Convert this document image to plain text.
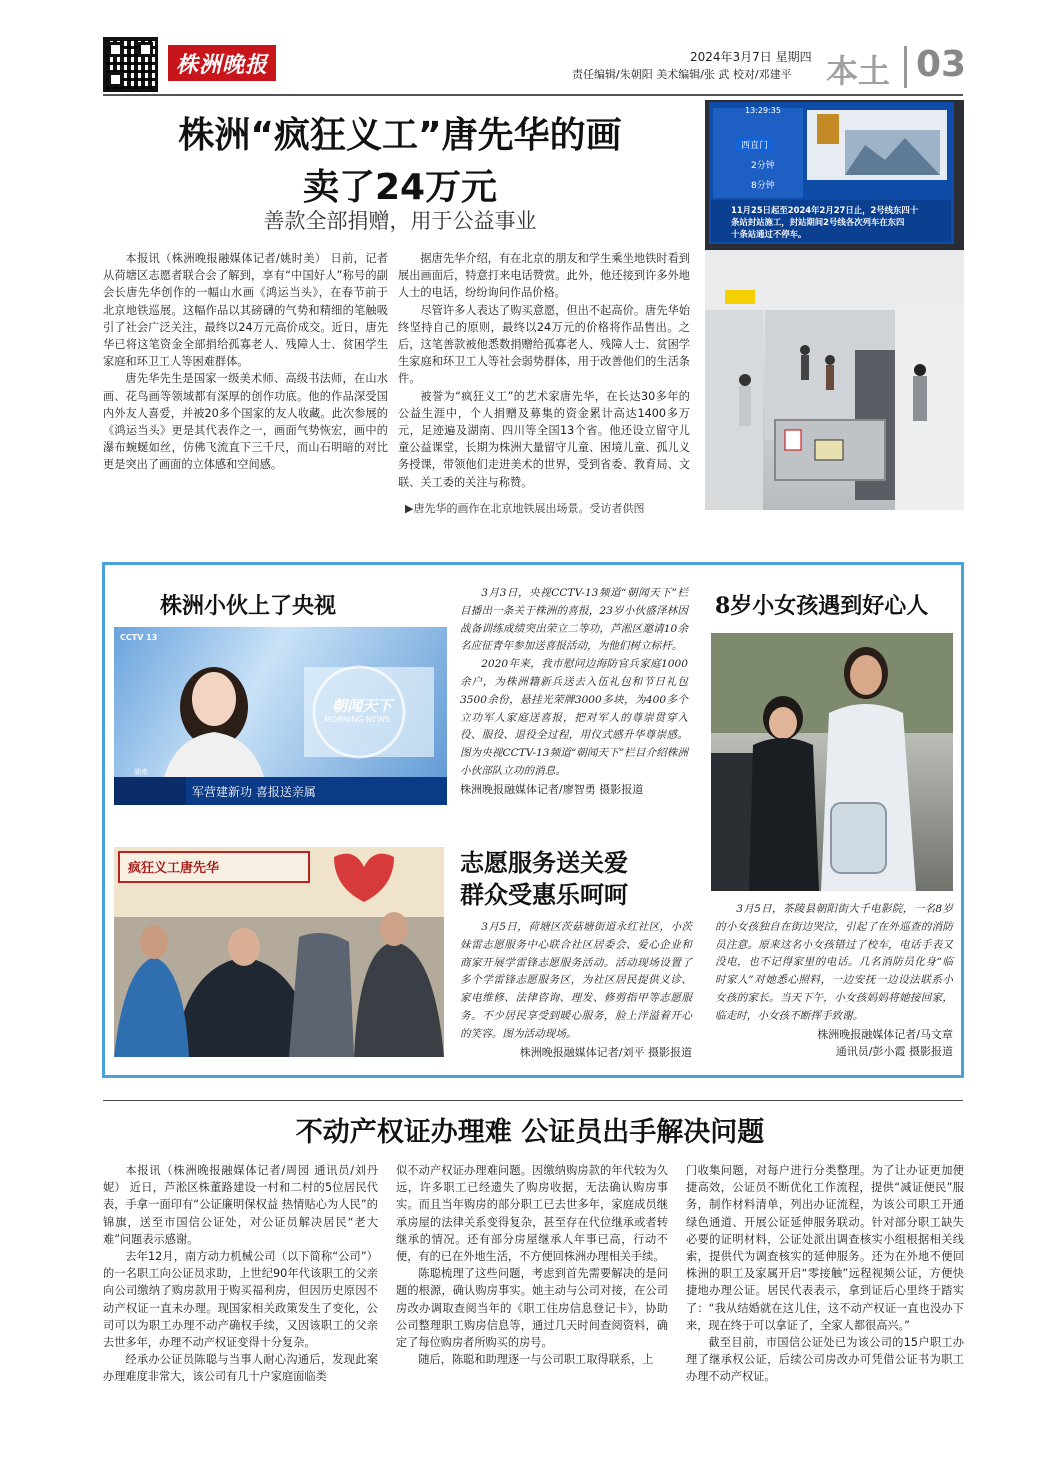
株洲晚报	2024年3月7日 星期四
责任编辑/朱朝阳 美术编辑/张 武 校对/邓建平 本土 03
株洲“疯狂义工”唐先华的画
卖了24万元
善款全部捐赠，用于公益事业

本报讯（株洲晚报融媒体记者/姚时美） 日前，记者从荷塘区志愿者联合会了解到，享有“中国好人”称号的副会长唐先华创作的一幅山水画《鸿运当头》，在春节前于北京地铁巡展。这幅作品以其磅礴的气势和精细的笔触吸引了社会广泛关注，最终以24万元高价成交。近日，唐先华已将这笔资金全部捐给孤寡老人、残障人士、贫困学生家庭和环卫工人等困难群体。

唐先华先生是国家一级美术师、高级书法师，在山水画、花鸟画等领域都有深厚的创作功底。他的作品深受国内外友人喜爱，并被20多个国家的友人收藏。此次参展的《鸿运当头》更是其代表作之一，画面气势恢宏，画中的瀑布蜿蜒如丝，仿佛飞流直下三千尺，而山石明暗的对比更是突出了画面的立体感和空间感。

据唐先华介绍，有在北京的朋友和学生乘坐地铁时看到展出画面后，特意打来电话赞赏。此外，他还接到许多外地人士的电话，纷纷询问作品价格。

尽管许多人表达了购买意愿，但出不起高价。唐先华始终坚持自己的原则，最终以24万元的价格将作品售出。之后，这笔善款被他悉数捐赠给孤寡老人、残障人士、贫困学生家庭和环卫工人等社会弱势群体，用于改善他们的生活条件。

被誉为“疯狂义工”的艺术家唐先华，在长达30多年的公益生涯中，个人捐赠及募集的资金累计高达1400多万元，足迹遍及湖南、四川等全国13个省。他还设立留守儿童公益课堂，长期为株洲大量留守儿童、困境儿童、孤儿义务授课，带领他们走进美术的世界，受到省委、教育局、文联、关工委的关注与称赞。

▶唐先华的画作在北京地铁展出场景。受访者供图
13:29:35
西直门
2分钟
8分钟
11月25日起至2024年2月27日止，2号线东四十
条站封站施工，封站期间2号线各次列车在东四
十条站通过不停车。
株洲小伙上了央视
CCTV 13
朝闻天下
MORNING NEWS
湖南
军营建新功 喜报送亲属

3月3日，央视CCTV-13频道“朝闻天下”栏目播出一条关于株洲的喜报，23岁小伙盛泽林因战备训练成绩突出荣立二等功，芦淞区邀请10余名应征青年参加送喜报活动，为他们树立标杆。

2020年来，我市慰问边海防官兵家庭1000余户，为株洲籍新兵送去入伍礼包和节日礼包3500余份，悬挂光荣牌3000多块，为400多个立功军人家庭送喜报，把对军人的尊崇贯穿入役、服役、退役全过程，用仪式感升华尊崇感。图为央视CCTV-13频道“朝闻天下”栏目介绍株洲小伙部队立功的消息。

株洲晚报融媒体记者/廖智勇 摄影报道
8岁小女孩遇到好心人

3月5日，茶陵县朝阳街大千电影院，一名8岁的小女孩独自在街边哭泣，引起了在外巡查的消防员注意。原来这名小女孩错过了校车，电话手表又没电，也不记得家里的电话。几名消防员化身“临时家人”对她悉心照料，一边安抚一边设法联系小女孩的家长。当天下午，小女孩妈妈将她接回家，临走时，小女孩不断挥手致谢。

株洲晚报融媒体记者/马文章
通讯员/彭小霞 摄影报道
疯狂义工唐先华	志愿服务送关爱
群众受惠乐呵呵

3月5日，荷塘区茨菇塘街道永红社区，小茨妹雷志愿服务中心联合社区居委会、爱心企业和商家开展学雷锋志愿服务活动。活动现场设置了多个学雷锋志愿服务区，为社区居民提供义诊、家电维修、法律咨询、理发、修剪指甲等志愿服务。不少居民享受到暖心服务，脸上洋溢着开心的笑容。图为活动现场。

株洲晚报融媒体记者/刘平 摄影报道
不动产权证办理难 公证员出手解决问题

本报讯（株洲晚报融媒体记者/周园 通讯员/刘丹妮） 近日，芦淞区株董路建设一村和二村的5位居民代表，手拿一面印有“公证廉明保权益 热情贴心为人民”的锦旗，送至市国信公证处，对公证员解决居民“老大难”问题表示感谢。

去年12月，南方动力机械公司（以下简称“公司”）的一名职工向公证员求助，上世纪90年代该职工的父亲向公司缴纳了购房款用于购买福利房，但因历史原因不动产权证一直未办理。现国家相关政策发生了变化，公司可以为职工办理不动产确权手续，又因该职工的父亲去世多年，办理不动产权证变得十分复杂。

经承办公证员陈聪与当事人耐心沟通后，发现此案办理难度非常大，该公司有几十户家庭面临类

似不动产权证办理难问题。因缴纳购房款的年代较为久远，许多职工已经遗失了购房收据，无法确认购房事实。而且当年购房的部分职工已去世多年，家庭成员继承房屋的法律关系变得复杂，甚至存在代位继承或者转继承的情况。还有部分房屋继承人年事已高，行动不便，有的已在外地生活，不方便回株洲办理相关手续。

陈聪梳理了这些问题，考虑到首先需要解决的是问题的根源，确认购房事实。她主动与公司对接，在公司房改办调取查阅当年的《职工住房信息登记卡》，协助公司整理职工购房信息等，通过几天时间查阅资料，确定了每位购房者所购买的房号。

随后，陈聪和助理逐一与公司职工取得联系，上

门收集问题，对每户进行分类整理。为了让办证更加便捷高效，公证员不断优化工作流程，提供“减证便民”服务，制作材料清单，列出办证流程，为该公司职工开通绿色通道、开展公证延伸服务联动。针对部分职工缺失必要的证明材料，公证处派出调查核实小组根据相关线索，提供代为调查核实的延伸服务。还为在外地不便回株洲的职工及家属开启“零接触”远程视频公证，方便快捷地办理公证。居民代表表示，拿到证后心里终于踏实了：“我从结婚就在这儿住，这不动产权证一直也没办下来，现在终于可以拿证了，全家人都很高兴。”

截至目前，市国信公证处已为该公司的15户职工办理了继承权公证，后续公司房改办可凭借公证书为职工办理不动产权证。
